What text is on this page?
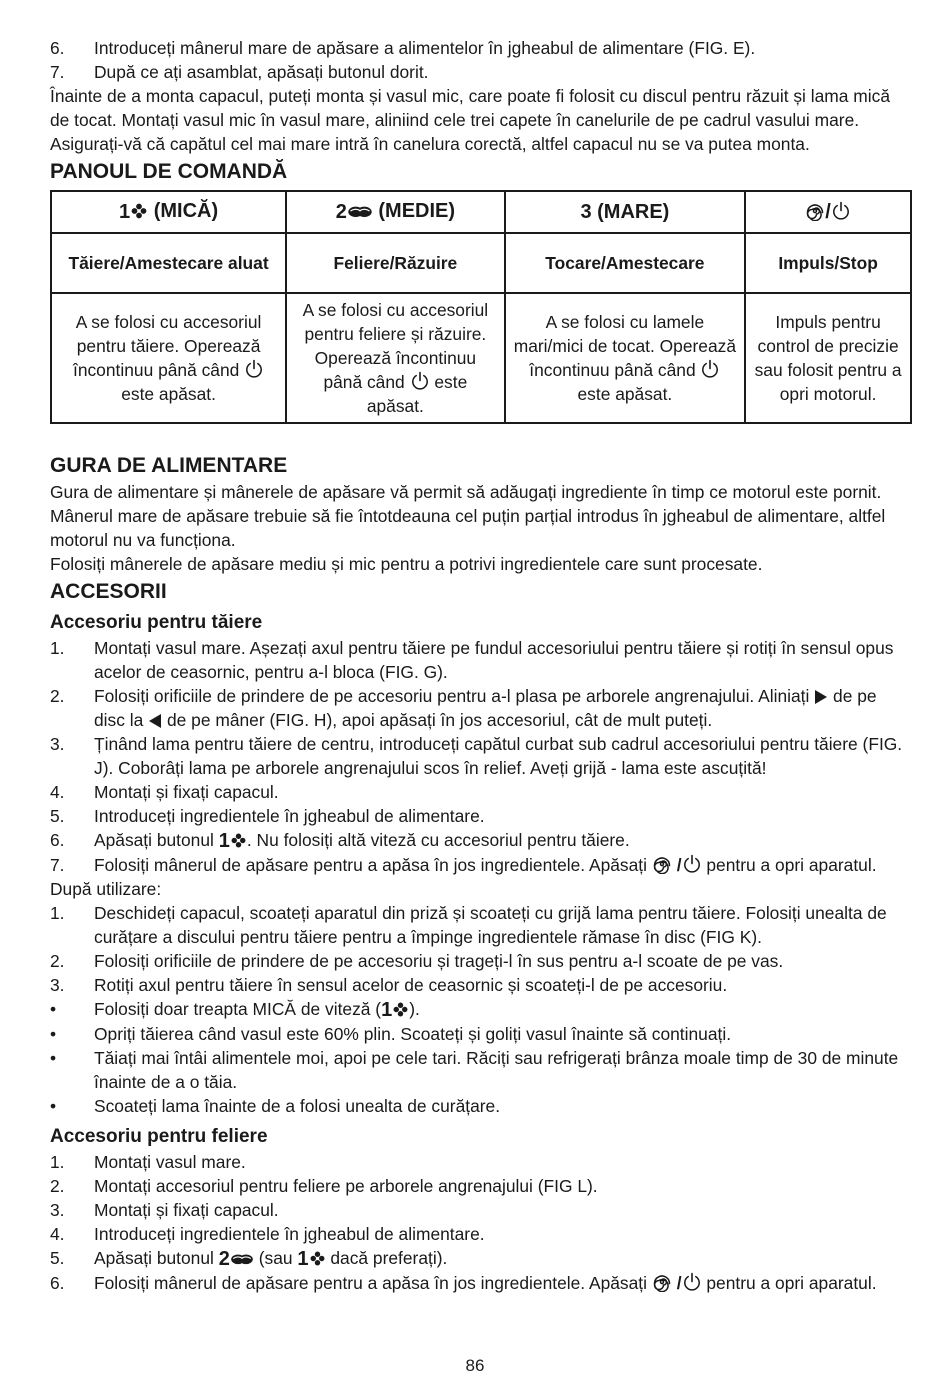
6.	Introduceți mânerul mare de apăsare a alimentelor în jgheabul de alimentare (FIG. E).
7.	După ce ați asamblat, apăsați butonul dorit.

Înainte de a monta capacul, puteți monta și vasul mic, care poate fi folosit cu discul pentru răzuit și lama mică de tocat. Montați vasul mic în vasul mare, aliniind cele trei capete în canelurile de pe cadrul vasului mare. Asigurați-vă că capătul cel mai mare intră în canelura corectă, altfel capacul nu se va putea monta.

PANOUL DE COMANDĂ
1 (MICĂ)	2 (MEDIE)	3 (MARE)	/
Tăiere/Amestecare aluat	Feliere/Răzuire	Tocare/Amestecare	Impuls/Stop
A se folosi cu accesoriul pentru tăiere. Operează încontinuu până când  este apăsat.	A se folosi cu accesoriul pentru feliere și răzuire. Operează încontinuu până când este apăsat.	A se folosi cu lamele mari/mici de tocat. Operează încontinuu până când  este apăsat.	Impuls pentru control de precizie sau folosit pentru a opri motorul.
GURA DE ALIMENTARE

Gura de alimentare și mânerele de apăsare vă permit să adăugați ingrediente în timp ce motorul este pornit. Mânerul mare de apăsare trebuie să fie întotdeauna cel puțin parțial introdus în jgheabul de alimentare, altfel motorul nu va funcționa.

Folosiți mânerele de apăsare mediu și mic pentru a potrivi ingredientele care sunt procesate.

ACCESORII
Accesoriu pentru tăiere
1.	Montați vasul mare. Așezați axul pentru tăiere pe fundul accesoriului pentru tăiere și rotiți în sensul opus acelor de ceasornic, pentru a-l bloca (FIG. G).
2.	Folosiți orificiile de prindere de pe accesoriu pentru a-l plasa pe arborele angrenajului. Aliniați de pe disc la de pe mâner (FIG. H), apoi apăsați în jos accesoriul, cât de mult puteți.
3.	Ținând lama pentru tăiere de centru, introduceți capătul curbat sub cadrul accesoriului pentru tăiere (FIG. J). Coborâți lama pe arborele angrenajului scos în relief. Aveți grijă - lama este ascuțită!
4.	Montați și fixați capacul.
5.	Introduceți ingredientele în jgheabul de alimentare.
6.	Apăsați butonul 1 . Nu folosiți altă viteză cu accesoriul pentru tăiere.
7.	Folosiți mânerul de apăsare pentru a apăsa în jos ingredientele. Apăsați / pentru a opri aparatul.

După utilizare:

1.	Deschideți capacul, scoateți aparatul din priză și scoateți cu grijă lama pentru tăiere. Folosiți unealta de curățare a discului pentru tăiere pentru a împinge ingredientele rămase în disc (FIG K).
2.	Folosiți orificiile de prindere de pe accesoriu și trageți-l în sus pentru a-l scoate de pe vas.
3.	Rotiți axul pentru tăiere în sensul acelor de ceasornic și scoateți-l de pe accesoriu.
•	Folosiți doar treapta MICĂ de viteză (1 ).
•	Opriți tăierea când vasul este 60% plin. Scoateți și goliți vasul înainte să continuați.
•	Tăiați mai întâi alimentele moi, apoi pe cele tari. Răciți sau refrigerați brânza moale timp de 30 de minute înainte de a o tăia.
•	Scoateți lama înainte de a folosi unealta de curățare.
Accesoriu pentru feliere
1.	Montați vasul mare.
2.	Montați accesoriul pentru feliere pe arborele angrenajului (FIG L).
3.	Montați și fixați capacul.
4.	Introduceți ingredientele în jgheabul de alimentare.
5.	Apăsați butonul 2 (sau 1 dacă preferați).
6.	Folosiți mânerul de apăsare pentru a apăsa în jos ingredientele. Apăsați / pentru a opri aparatul.
86
